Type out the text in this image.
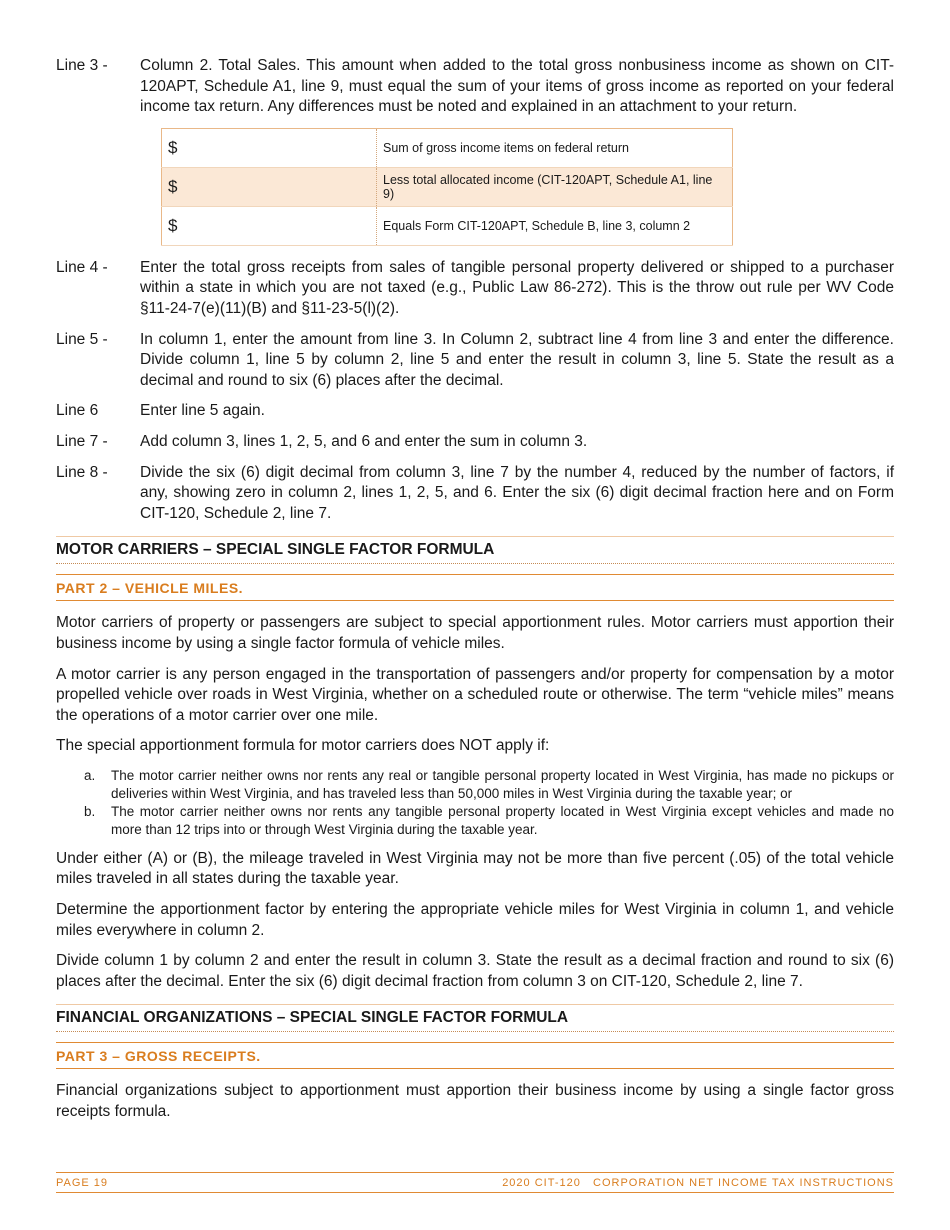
Line 3 -	Column 2. Total Sales. This amount when added to the total gross nonbusiness income as shown on CIT-120APT, Schedule A1, line 9, must equal the sum of your items of gross income as reported on your federal income tax return. Any differences must be noted and explained in an attachment to your return.
$	Sum of gross income items on federal return
$	Less total allocated income (CIT-120APT, Schedule A1, line 9)
$	Equals Form CIT-120APT, Schedule B, line 3, column 2
Line 4 -	Enter the total gross receipts from sales of tangible personal property delivered or shipped to a purchaser within a state in which you are not taxed (e.g., Public Law 86-272). This is the throw out rule per WV Code §11-24-7(e)(11)(B) and §11-23-5(l)(2).
Line 5 -	In column 1, enter the amount from line 3. In Column 2, subtract line 4 from line 3 and enter the difference. Divide column 1, line 5 by column 2, line 5 and enter the result in column 3, line 5. State the result as a decimal and round to six (6) places after the decimal.
Line 6	Enter line 5 again.
Line 7 -	Add column 3, lines 1, 2, 5, and 6 and enter the sum in column 3.
Line 8 -	Divide the six (6) digit decimal from column 3, line 7 by the number 4, reduced by the number of factors, if any, showing zero in column 2, lines 1, 2, 5, and 6. Enter the six (6) digit decimal fraction here and on Form CIT-120, Schedule 2, line 7.
MOTOR CARRIERS – SPECIAL SINGLE FACTOR FORMULA
PART 2 – VEHICLE MILES.

Motor carriers of property or passengers are subject to special apportionment rules. Motor carriers must apportion their business income by using a single factor formula of vehicle miles.

A motor carrier is any person engaged in the transportation of passengers and/or property for compensation by a motor propelled vehicle over roads in West Virginia, whether on a scheduled route or otherwise. The term “vehicle miles” means the operations of a motor carrier over one mile.

The special apportionment formula for motor carriers does NOT apply if:

a.	The motor carrier neither owns nor rents any real or tangible personal property located in West Virginia, has made no pickups or deliveries within West Virginia, and has traveled less than 50,000 miles in West Virginia during the taxable year; or
b.	The motor carrier neither owns nor rents any tangible personal property located in West Virginia except vehicles and made no more than 12 trips into or through West Virginia during the taxable year.

Under either (A) or (B), the mileage traveled in West Virginia may not be more than five percent (.05) of the total vehicle miles traveled in all states during the taxable year.

Determine the apportionment factor by entering the appropriate vehicle miles for West Virginia in column 1, and vehicle miles everywhere in column 2.

Divide column 1 by column 2 and enter the result in column 3. State the result as a decimal fraction and round to six (6) places after the decimal. Enter the six (6) digit decimal fraction from column 3 on CIT-120, Schedule 2, line 7.

FINANCIAL ORGANIZATIONS – SPECIAL SINGLE FACTOR FORMULA
PART 3 – GROSS RECEIPTS.

Financial organizations subject to apportionment must apportion their business income by using a single factor gross receipts formula.

PAGE 19	2020 CIT-120   CORPORATION NET INCOME TAX INSTRUCTIONS
